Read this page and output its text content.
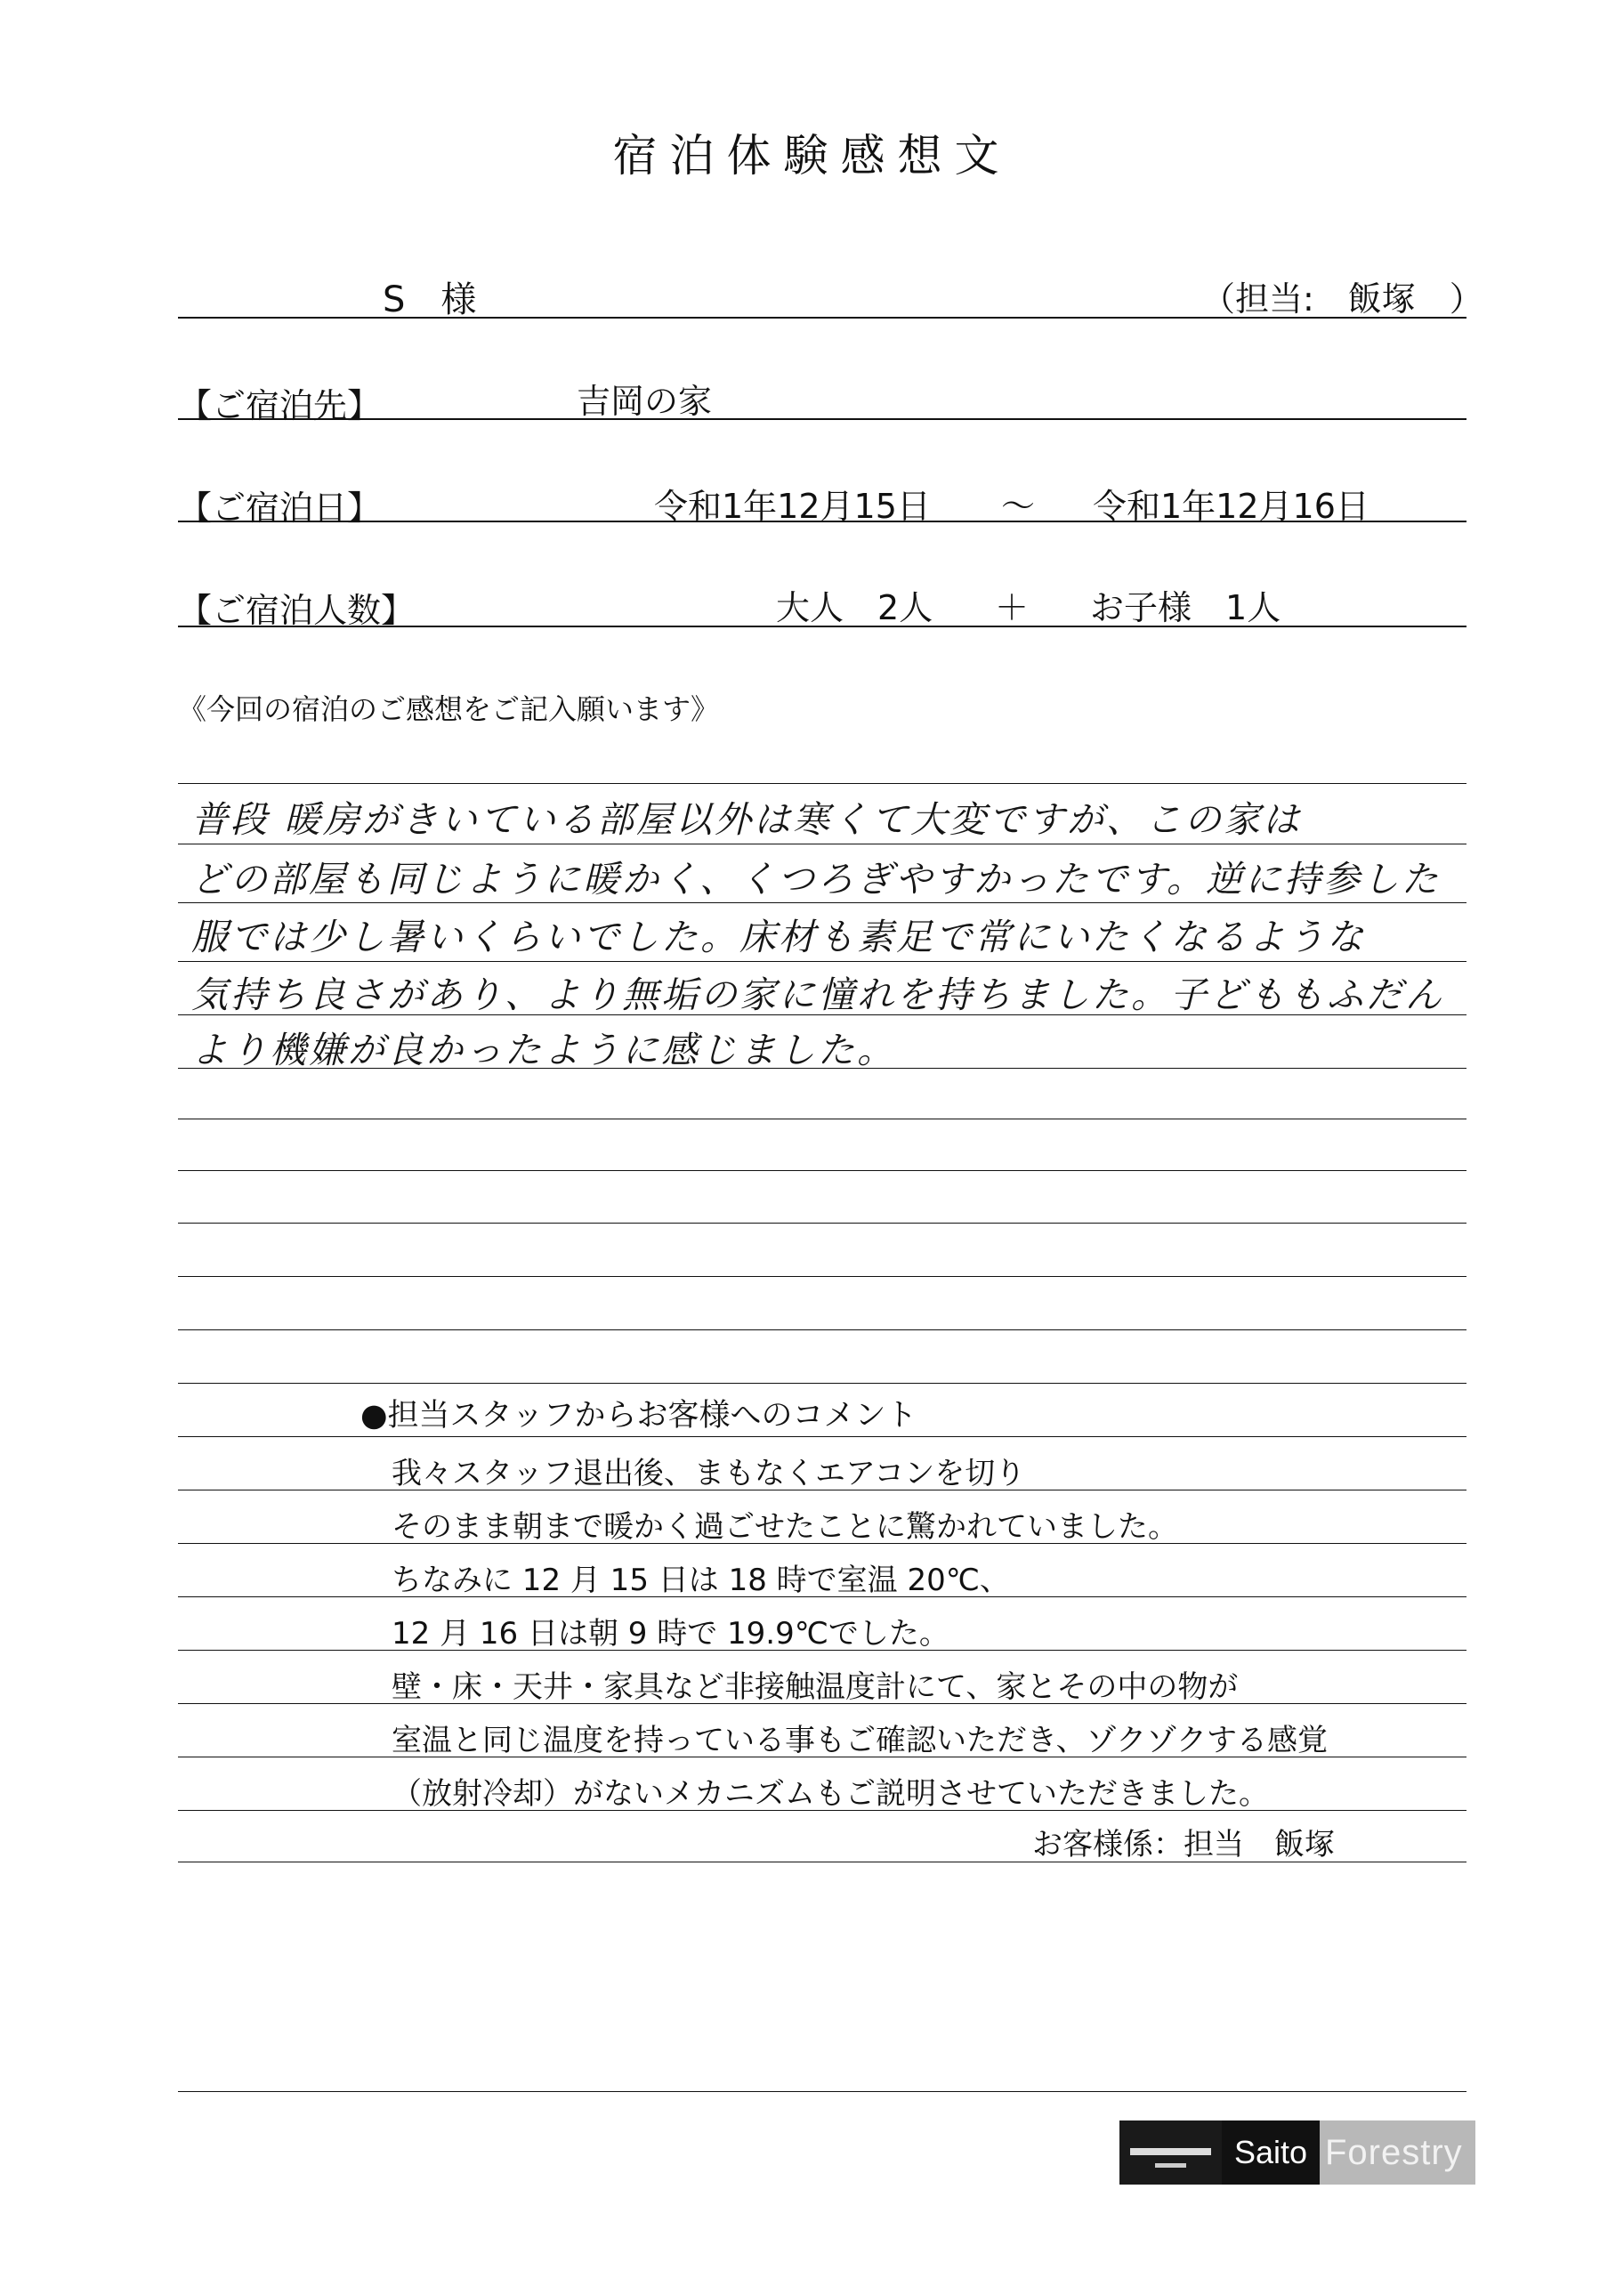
宿泊体験感想文
S　様	（担当:　飯塚　）
【ご宿泊先】	吉岡の家
【ご宿泊日】	令和1年12月15日 ～ 令和1年12月16日
【ご宿泊人数】	大人　2人 ＋ お子様　1人
《今回の宿泊のご感想をご記入願います》
普段 暖房がきいている部屋以外は寒くて大変ですが、この家は
どの部屋も同じように暖かく、くつろぎやすかったです。逆に持参した
服では少し暑いくらいでした。床材も素足で常にいたくなるような
気持ち良さがあり、より無垢の家に憧れを持ちました。子どももふだん
より機嫌が良かったように感じました。
●担当スタッフからお客様へのコメント
我々スタッフ退出後、まもなくエアコンを切り
そのまま朝まで暖かく過ごせたことに驚かれていました。
ちなみに 12 月 15 日は 18 時で室温 20℃、
12 月 16 日は朝 9 時で 19.9℃でした。
壁・床・天井・家具など非接触温度計にて、家とその中の物が
室温と同じ温度を持っている事もご確認いただき、ゾクゾクする感覚
（放射冷却）がないメカニズムもご説明させていただきました。
お客様係：担当　飯塚
Saito Forestry
